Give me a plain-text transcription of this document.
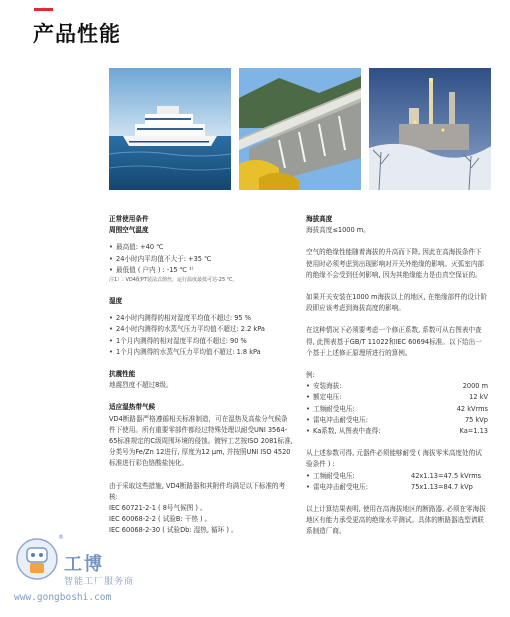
产品性能
正常使用条件
周围空气温度
• 最高值: +40 ℃
• 24小时内平均值不大于: +35 ℃
• 最低值 ( 户内 ) : -15 ℃ ¹⁾
注1）: VD4配PT装法式熔丝，运行温度最低可达-25 ℃。
湿度
• 24小时内测得的相对湿度平均值不超过: 95 %
• 24小时内测得的水蒸气压力平均值不超过: 2.2 kPa
• 1个月内测得的相对湿度平均值不超过: 90 %
• 1个月内测得的水蒸气压力平均值不超过: 1.8 kPa
抗震性能
地震烈度不超过8级。
适应湿热带气候
VD4断路器严格遵循相关标准制造，可在湿热及高盐分气候条件下使用。所有重要零部件都经过特殊处理以耐受UNI 3564-65标准规定的C级周围环境的侵蚀。镀锌工艺按ISO 2081标准, 分类号为Fe/Zn 12进行, 厚度为12 µm, 并按照UNI ISO 4520标准进行彩色铬酸盐钝化。
由于采取这些措施, VD4断路器和其附件均满足以下标准的考核:
IEC 60721-2-1 ( 8号气候图 ) 。
IEC 60068-2-2 ( 试验B: 干热 ) 。
IEC 60068-2-30 ( 试验Db: 湿热, 循环 ) 。
海拔高度
海拔高度≤1000 m。
空气的绝缘性能随着海拔的升高而下降, 因此在高海拔条件下使用时必须考虑到出现影响对开关外绝缘的影响。灭弧室内部的绝缘不会受到任何影响, 因为其绝缘能力是由真空保证的。
如果开关安装在1000 m海拔以上的地区, 在绝缘部件的设计阶段即应该考虑到海拔高度的影响。
在这种情况下必须要考虑一个修正系数, 系数可从右图表中查得, 此图表基于GB/T 11022和IEC 60694标准。以下给出一个基于上述修正原理所进行的算例。
例:
• 安装海拔:	2000 m
• 额定电压:	12 kV
• 工频耐受电压:	42 kVrms
• 雷电冲击耐受电压:	75 kVp
• Ka系数, 从图表中查得:	Ka=1.13
从上述参数可得, 元器件必须能够耐受 ( 海拔零米高度处的试验条件 ) :
• 工频耐受电压:	42x1.13=47.5 kVrms
• 雷电冲击耐受电压:	75x1.13=84.7 kVp
以上计算结果表明, 使用在高海拔地区的断路器, 必须在零海拔地区有能力承受更高的绝缘水平测试。具体的断路器选型请联系制造厂商。
®
工博
智能工厂服务商
www.gongboshi.com
